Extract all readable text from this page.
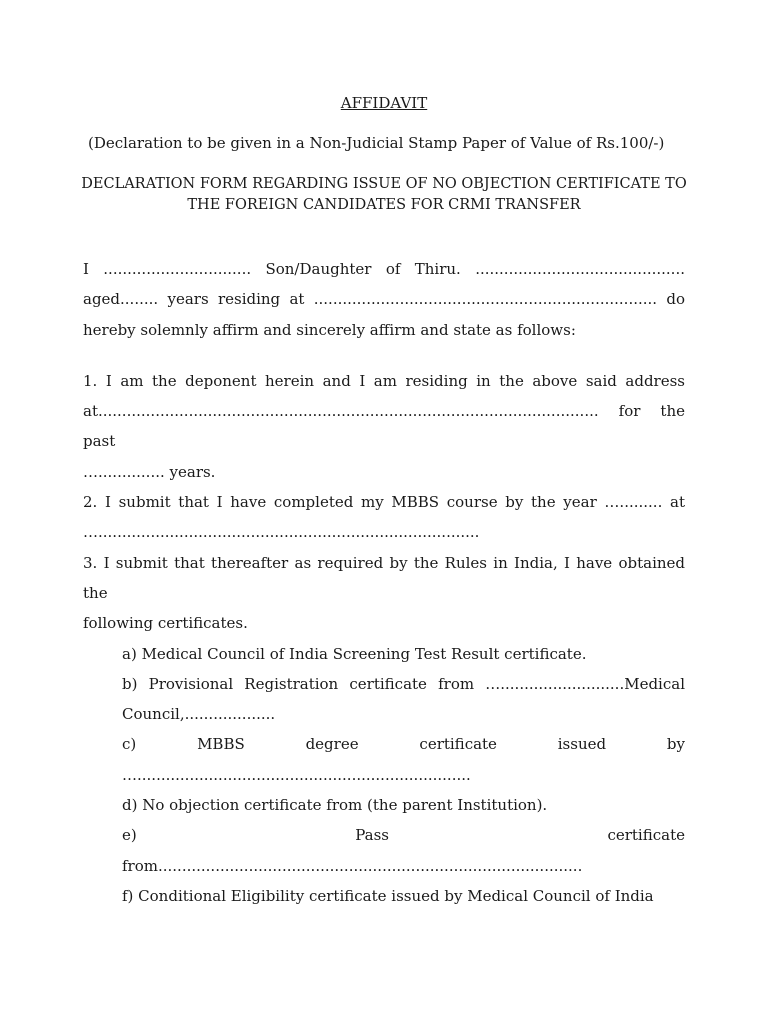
AFFIDAVIT
(Declaration to be given in a Non-Judicial Stamp Paper of Value of Rs.100/-)
DECLARATION FORM REGARDING ISSUE OF NO OBJECTION CERTIFICATE TO
THE FOREIGN CANDIDATES FOR CRMI TRANSFER
I ............................... Son/Daughter of Thiru. ............................................
aged........ years residing at ........................................................................ do
hereby solemnly affirm and sincerely affirm and state as follows:
1. I am the deponent herein and I am residing in the above said address
at......................................................................................................... for the past
….............. years.
2. I submit that I have completed my MBBS course by the year …......... at
…................................................................................
3. I submit that thereafter as required by the Rules in India, I have obtained the
following certificates.
a) Medical Council of India Screening Test Result certificate.
b) Provisional Registration certificate from …..........................Medical
Council,...................
c) MBBS degree certificate issued by
…......................................................................
d) No objection certificate from (the parent Institution).
e) Pass certificate
from.........................................................................................
f) Conditional Eligibility certificate issued by Medical Council of India
